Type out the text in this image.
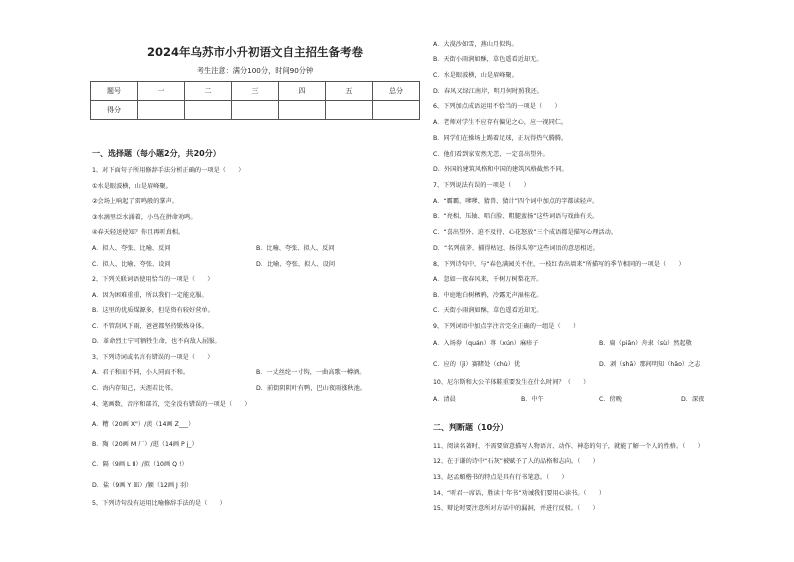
2024年乌苏市小升初语文自主招生备考卷
考生注意：满分100分，时间90分钟
题号	一	二	三	四	五	总分
得分						
一、选择题（每小题2分，共20分）
1、对下面句子所用修辞手法分析正确的一项是（　　）
①水是眼波横，山是眉峰聚。
②会场上响起了雷鸣般的掌声。
③水滴里泛水涌着，小鸟在拼命劝鸣。
④春天轻送使知？你且再听真相。
A．拟人、夸张、比喻、反问	B．比喻、夸张、拟人、反问
C．拟人、比喻、夸张、设问	D．比喻、夸张、拟人、设问
2、下列关联词语使用恰当的一项是（　　）
A．因为困难重重，所以我们一定能克服。
B．这里的优质煤源多，但是资有较好营单。
C．不管刮风下雨，爸爸都坚持锻炼身体。
D．革命烈士宁可牺牲生命，也不向敌人屈服。
3、下列诗词或名言有错误的一项是（　　）
A．君子和而不同，小人同而不和。	B．一丈丝纶一寸钩，一曲高歌一樽酒。
C．海内存知己，天涯若比邻。	D．前街阴阴叶有鸭，巴山夜雨涨秋池。
4、笔画数、音序和部首，完全没有错误的一项是（　　）
A．糟（20画 X"）/羡（14画 Z___）
B．陶（20画 M 厂）/逛（14画 P j_）
C．隔（9画 L Ⅱ）/拟（10画 Q !）
D．盐（9画 Y 皿）/颍（12画 J 羽）
5、下列诗句没有运用比喻修辞手法的是（　　）
A．大漠沙如雪，燕山月似钩。
B．天街小雨润如酥，草色遥看近却无。
C．水是眼波横，山是眉峰聚。
D．春风又绿江南岸，明月何时照我还。
6、下列加点成语运用不恰当的一项是（　　）
A．老师对学生不应存有偏见之心，应一视同仁。
B．同学们在操场上踢着足球，正玩得热气腾腾。
C．他们看到家安然无恙，一定喜出望外。
D．外国的建筑风格和中国的建筑风格截然不同。
7、下列说法有误的一项是（　　）
A．“霸霸、嗲嗲、猜兽、猜计”四个词中加点的字都读轻声。
B．“亮相、压轴、唱白脸、粗腿蛮扬”这些词语与戏曲有关。
C．“喜出望外、迫不及待、心花怒放”三个成语都是描写心理活动。
D．“名列前茅、捕得枯冠、扬得头筹”这些词语的意思相近。
8、下列诗句中，与“春色满园关不住，一枝红杏出墙来”所描写的季节相同的一项是（　　）
A．忽如一夜春风来，千树万树梨花开。
B．中庭地白树栖鸦，冷露无声湿桂花。
C．天街小雨润如酥，草色遥看近却无。
9、下列词语中加点字注音完全正确的一组是（　　）
A．入场券（quán）荨（xún）麻疹子	B．扁（piān）舟隶（sù）然起敬
C．应的（jì）赛睹处（chù）优	D．剥（shā）那间明知（hǎo）之志
10、尼尔斯和大公羊体鞋重要发生在什么时间？（　　）
A．清晨	B．中午	C．傍晚	D．深夜
二、判断题（10分）
11、阅读名著时，不需要留意描写人物语言、动作、神态的句子，就能了解一个人的性格。（　　）
12、在于谦的诗中“石灰”被赋予了人的品格和志向。（　　）
13、赵孟頫楷书的特点是具有行书笔意。（　　）
14、“听君一席话，胜读十年书”劝诫我们要用心读书。（　　）
15、辩论时要注意所对方话中的漏洞，并进行反驳。（　　）
